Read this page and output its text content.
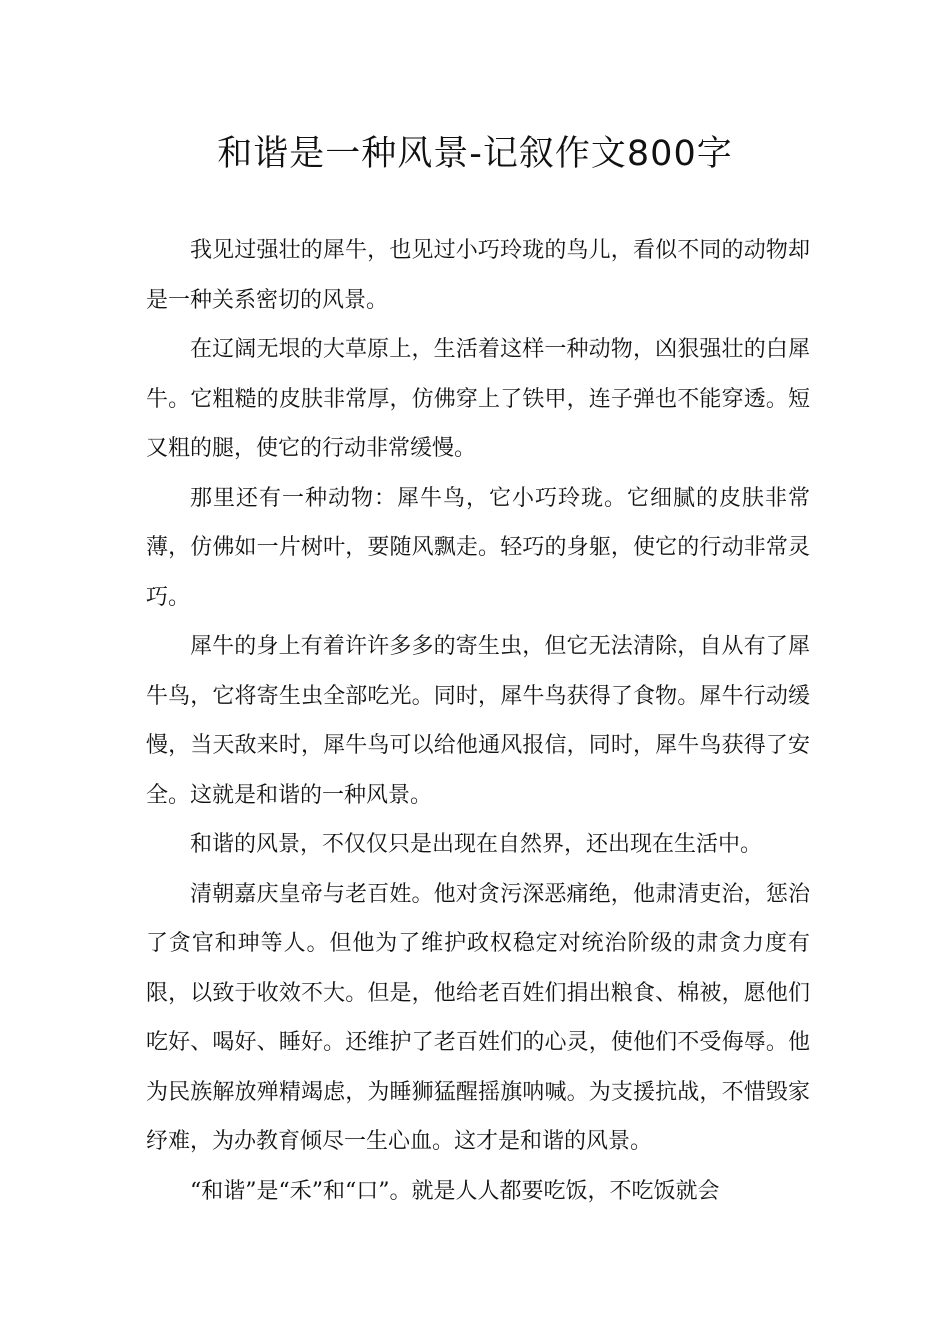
和谐是一种风景-记叙作文800字

我见过强壮的犀牛，也见过小巧玲珑的鸟儿，看似不同的动物却是一种关系密切的风景。

在辽阔无垠的大草原上，生活着这样一种动物，凶狠强壮的白犀牛。它粗糙的皮肤非常厚，仿佛穿上了铁甲，连子弹也不能穿透。短又粗的腿，使它的行动非常缓慢。

那里还有一种动物：犀牛鸟，它小巧玲珑。它细腻的皮肤非常薄，仿佛如一片树叶，要随风飘走。轻巧的身躯，使它的行动非常灵巧。

犀牛的身上有着许许多多的寄生虫，但它无法清除，自从有了犀牛鸟，它将寄生虫全部吃光。同时，犀牛鸟获得了食物。犀牛行动缓慢，当天敌来时，犀牛鸟可以给他通风报信，同时，犀牛鸟获得了安全。这就是和谐的一种风景。

和谐的风景，不仅仅只是出现在自然界，还出现在生活中。

清朝嘉庆皇帝与老百姓。他对贪污深恶痛绝，他肃清吏治，惩治了贪官和珅等人。但他为了维护政权稳定对统治阶级的肃贪力度有限，以致于收效不大。但是，他给老百姓们捐出粮食、棉被，愿他们吃好、喝好、睡好。还维护了老百姓们的心灵，使他们不受侮辱。他为民族解放殚精竭虑，为睡狮猛醒摇旗呐喊。为支援抗战，不惜毁家纾难，为办教育倾尽一生心血。这才是和谐的风景。

“和谐”是“禾”和“口”。就是人人都要吃饭，不吃饭就会
